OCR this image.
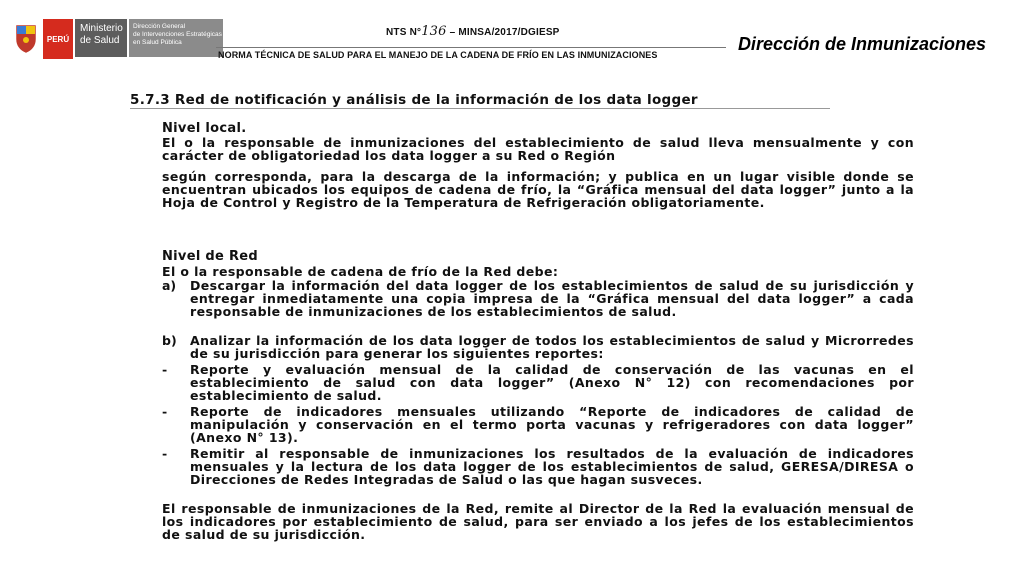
PERÚ
Ministerio
de Salud
Dirección General
de Intervenciones Estratégicas
en Salud Pública
NTS N°136 – MINSA/2017/DGIESP
NORMA TÉCNICA DE SALUD PARA EL MANEJO DE LA CADENA DE FRÍO EN LAS INMUNIZACIONES
Dirección de Inmunizaciones
5.7.3 Red de notificación y análisis de la información de los data logger
Nivel local.
El o la responsable de inmunizaciones del establecimiento de salud lleva mensualmente y con carácter de obligatoriedad los data logger a su Red o Región
según corresponda, para la descarga de la información; y publica en un lugar visible donde se encuentran ubicados los equipos de cadena de frío, la “Gráfica mensual del data logger” junto a la Hoja de Control y Registro de la Temperatura de Refrigeración obligatoriamente.
Nivel de Red
El o la responsable de cadena de frío de la Red debe:
a) Descargar la información del data logger de los establecimientos de salud de su jurisdicción y entregar inmediatamente una copia impresa de la “Gráfica mensual del data logger” a cada responsable de inmunizaciones de los establecimientos de salud.
b) Analizar la información de los data logger de todos los establecimientos de salud y Microrredes de su jurisdicción para generar los siguientes reportes:
- Reporte y evaluación mensual de la calidad de conservación de las vacunas en el establecimiento de salud con data logger” (Anexo N° 12) con recomendaciones por establecimiento de salud.
- Reporte de indicadores mensuales utilizando “Reporte de indicadores de calidad de manipulación y conservación en el termo porta vacunas y refrigeradores con data logger” (Anexo N° 13).
- Remitir al responsable de inmunizaciones los resultados de la evaluación de indicadores mensuales y la lectura de los data logger de los establecimientos de salud, GERESA/DIRESA o Direcciones de Redes Integradas de Salud o las que hagan susveces.
El responsable de inmunizaciones de la Red, remite al Director de la Red la evaluación mensual de los indicadores por establecimiento de salud, para ser enviado a los jefes de los establecimientos de salud de su jurisdicción.
